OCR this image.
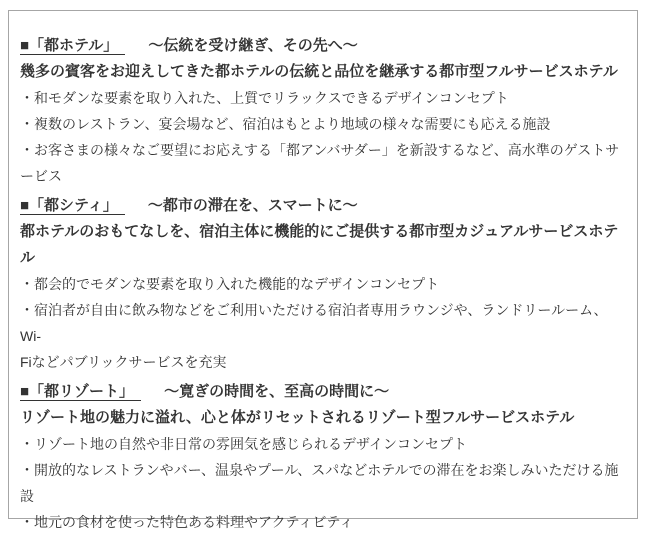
■「都ホテル」 ～伝統を受け継ぎ、その先へ～
幾多の賓客をお迎えしてきた都ホテルの伝統と品位を継承する都市型フルサービスホテル
・和モダンな要素を取り入れた、上質でリラックスできるデザインコンセプト
・複数のレストラン、宴会場など、宿泊はもとより地域の様々な需要にも応える施設
・お客さまの様々なご要望にお応えする「都アンバサダー」を新設するなど、高水準のゲストサ
ービス
■「都シティ」 ～都市の滞在を、スマートに～
都ホテルのおもてなしを、宿泊主体に機能的にご提供する都市型カジュアルサービスホテ
ル
・都会的でモダンな要素を取り入れた機能的なデザインコンセプト
・宿泊者が自由に飲み物などをご利用いただける宿泊者専用ラウンジや、ランドリールーム、Wi-
Fiなどパブリックサービスを充実
■「都リゾート」 ～寛ぎの時間を、至高の時間に～
リゾート地の魅力に溢れ、心と体がリセットされるリゾート型フルサービスホテル
・リゾート地の自然や非日常の雰囲気を感じられるデザインコンセプト
・開放的なレストランやバー、温泉やプール、スパなどホテルでの滞在をお楽しみいただける施
設
・地元の食材を使った特色ある料理やアクティビティ
